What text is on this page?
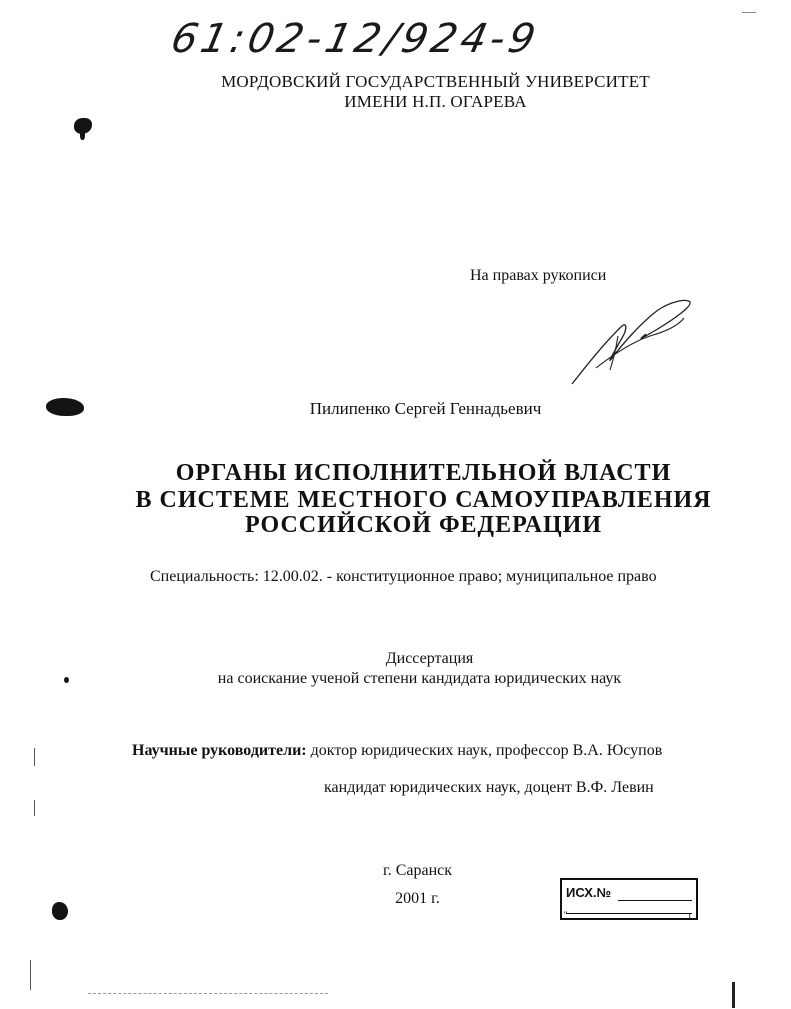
61:02-12/924-9
МОРДОВСКИЙ ГОСУДАРСТВЕННЫЙ УНИВЕРСИТЕТ
ИМЕНИ Н.П. ОГАРЕВА
На правах рукописи
Пилипенко Сергей Геннадьевич
ОРГАНЫ ИСПОЛНИТЕЛЬНОЙ ВЛАСТИ
В СИСТЕМЕ МЕСТНОГО САМОУПРАВЛЕНИЯ
РОССИЙСКОЙ ФЕДЕРАЦИИ
Специальность: 12.00.02. - конституционное право; муниципальное право
Диссертация
на соискание ученой степени кандидата юридических наук
Научные руководители: доктор юридических наук, профессор В.А. Юсупов
кандидат юридических наук, доцент В.Ф. Левин
г. Саранск
2001 г.	ИСХ.№
"	г
